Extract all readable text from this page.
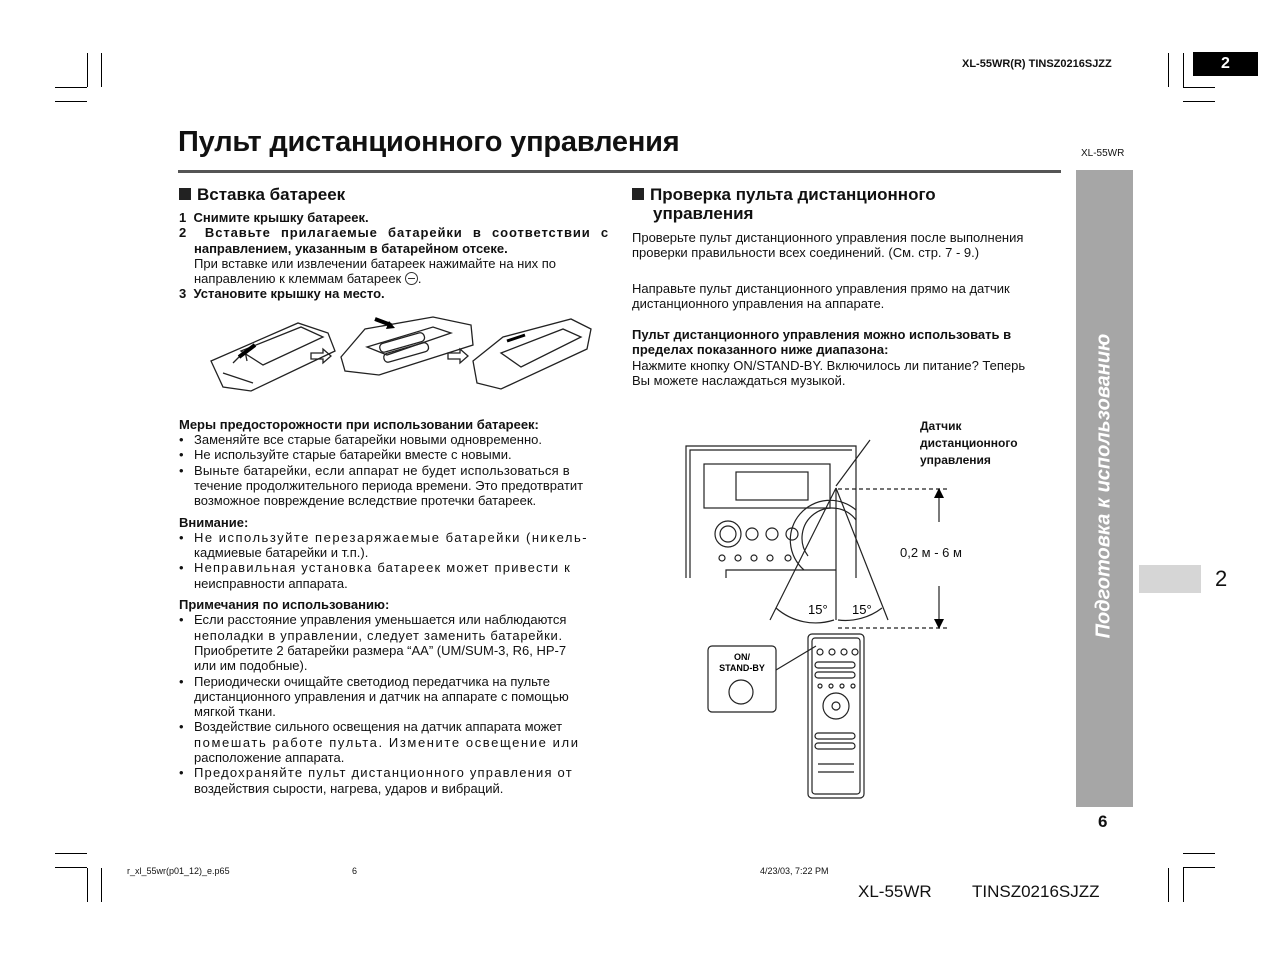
XL-55WR(R) TINSZ0216SJZZ	2
Пульт дистанционного управления	XL-55WR
Вставка батареек
1 Снимите крышку батареек.
2 Вставьте прилагаемые батарейки в соответствии с
направлением, указанным в батарейном отсеке.
При вставке или извлечении батареек нажимайте на них по
направлению к клеммам батареек .
3 Установите крышку на место.
Меры предосторожности при использовании батареек:
• Заменяйте все старые батарейки новыми одновременно.
• Не используйте старые батарейки вместе с новыми.
• Выньте батарейки, если аппарат не будет использоваться в
течение продолжительного периода времени. Это предотвратит
возможное повреждение вследствие протечки батареек.
Внимание:
• Не используйте перезаряжаемые батарейки (никель-
кадмиевые батарейки и т.п.).
• Неправильная установка батареек может привести к
неисправности аппарата.
Примечания по использованию:
• Если расстояние управления уменьшается или наблюдаются
неполадки в управлении, следует заменить батарейки.
Приобретите 2 батарейки размера “AA” (UM/SUM-3, R6, HP-7
или им подобные).
• Периодически очищайте светодиод передатчика на пульте
дистанционного управления и датчик на аппарате с помощью
мягкой ткани.
• Воздействие сильного освещения на датчик аппарата может
помешать работе пульта. Измените освещение или
расположение аппарата.
• Предохраняйте пульт дистанционного управления от
воздействия сырости, нагрева, ударов и вибраций.
Проверка пульта дистанционного
управления
Проверьте пульт дистанционного управления после выполнения
проверки правильности всех соединений. (См. стр. 7 - 9.)
Направьте пульт дистанционного управления прямо на датчик
дистанционного управления на аппарате.
Пульт дистанционного управления можно использовать в
пределах показанного ниже диапазона:
Нажмите кнопку ON/STAND-BY. Включилось ли питание? Теперь
Вы можете наслаждаться музыкой.
15° 15°
ON/
STAND-BY
Датчик
дистанционного
управления
0,2 м - 6 м	Подготовка к использованию	2
6
r_xl_55wr(p01_12)_e.p65	6	4/23/03, 7:22 PM
XL-55WR TINSZ0216SJZZ
